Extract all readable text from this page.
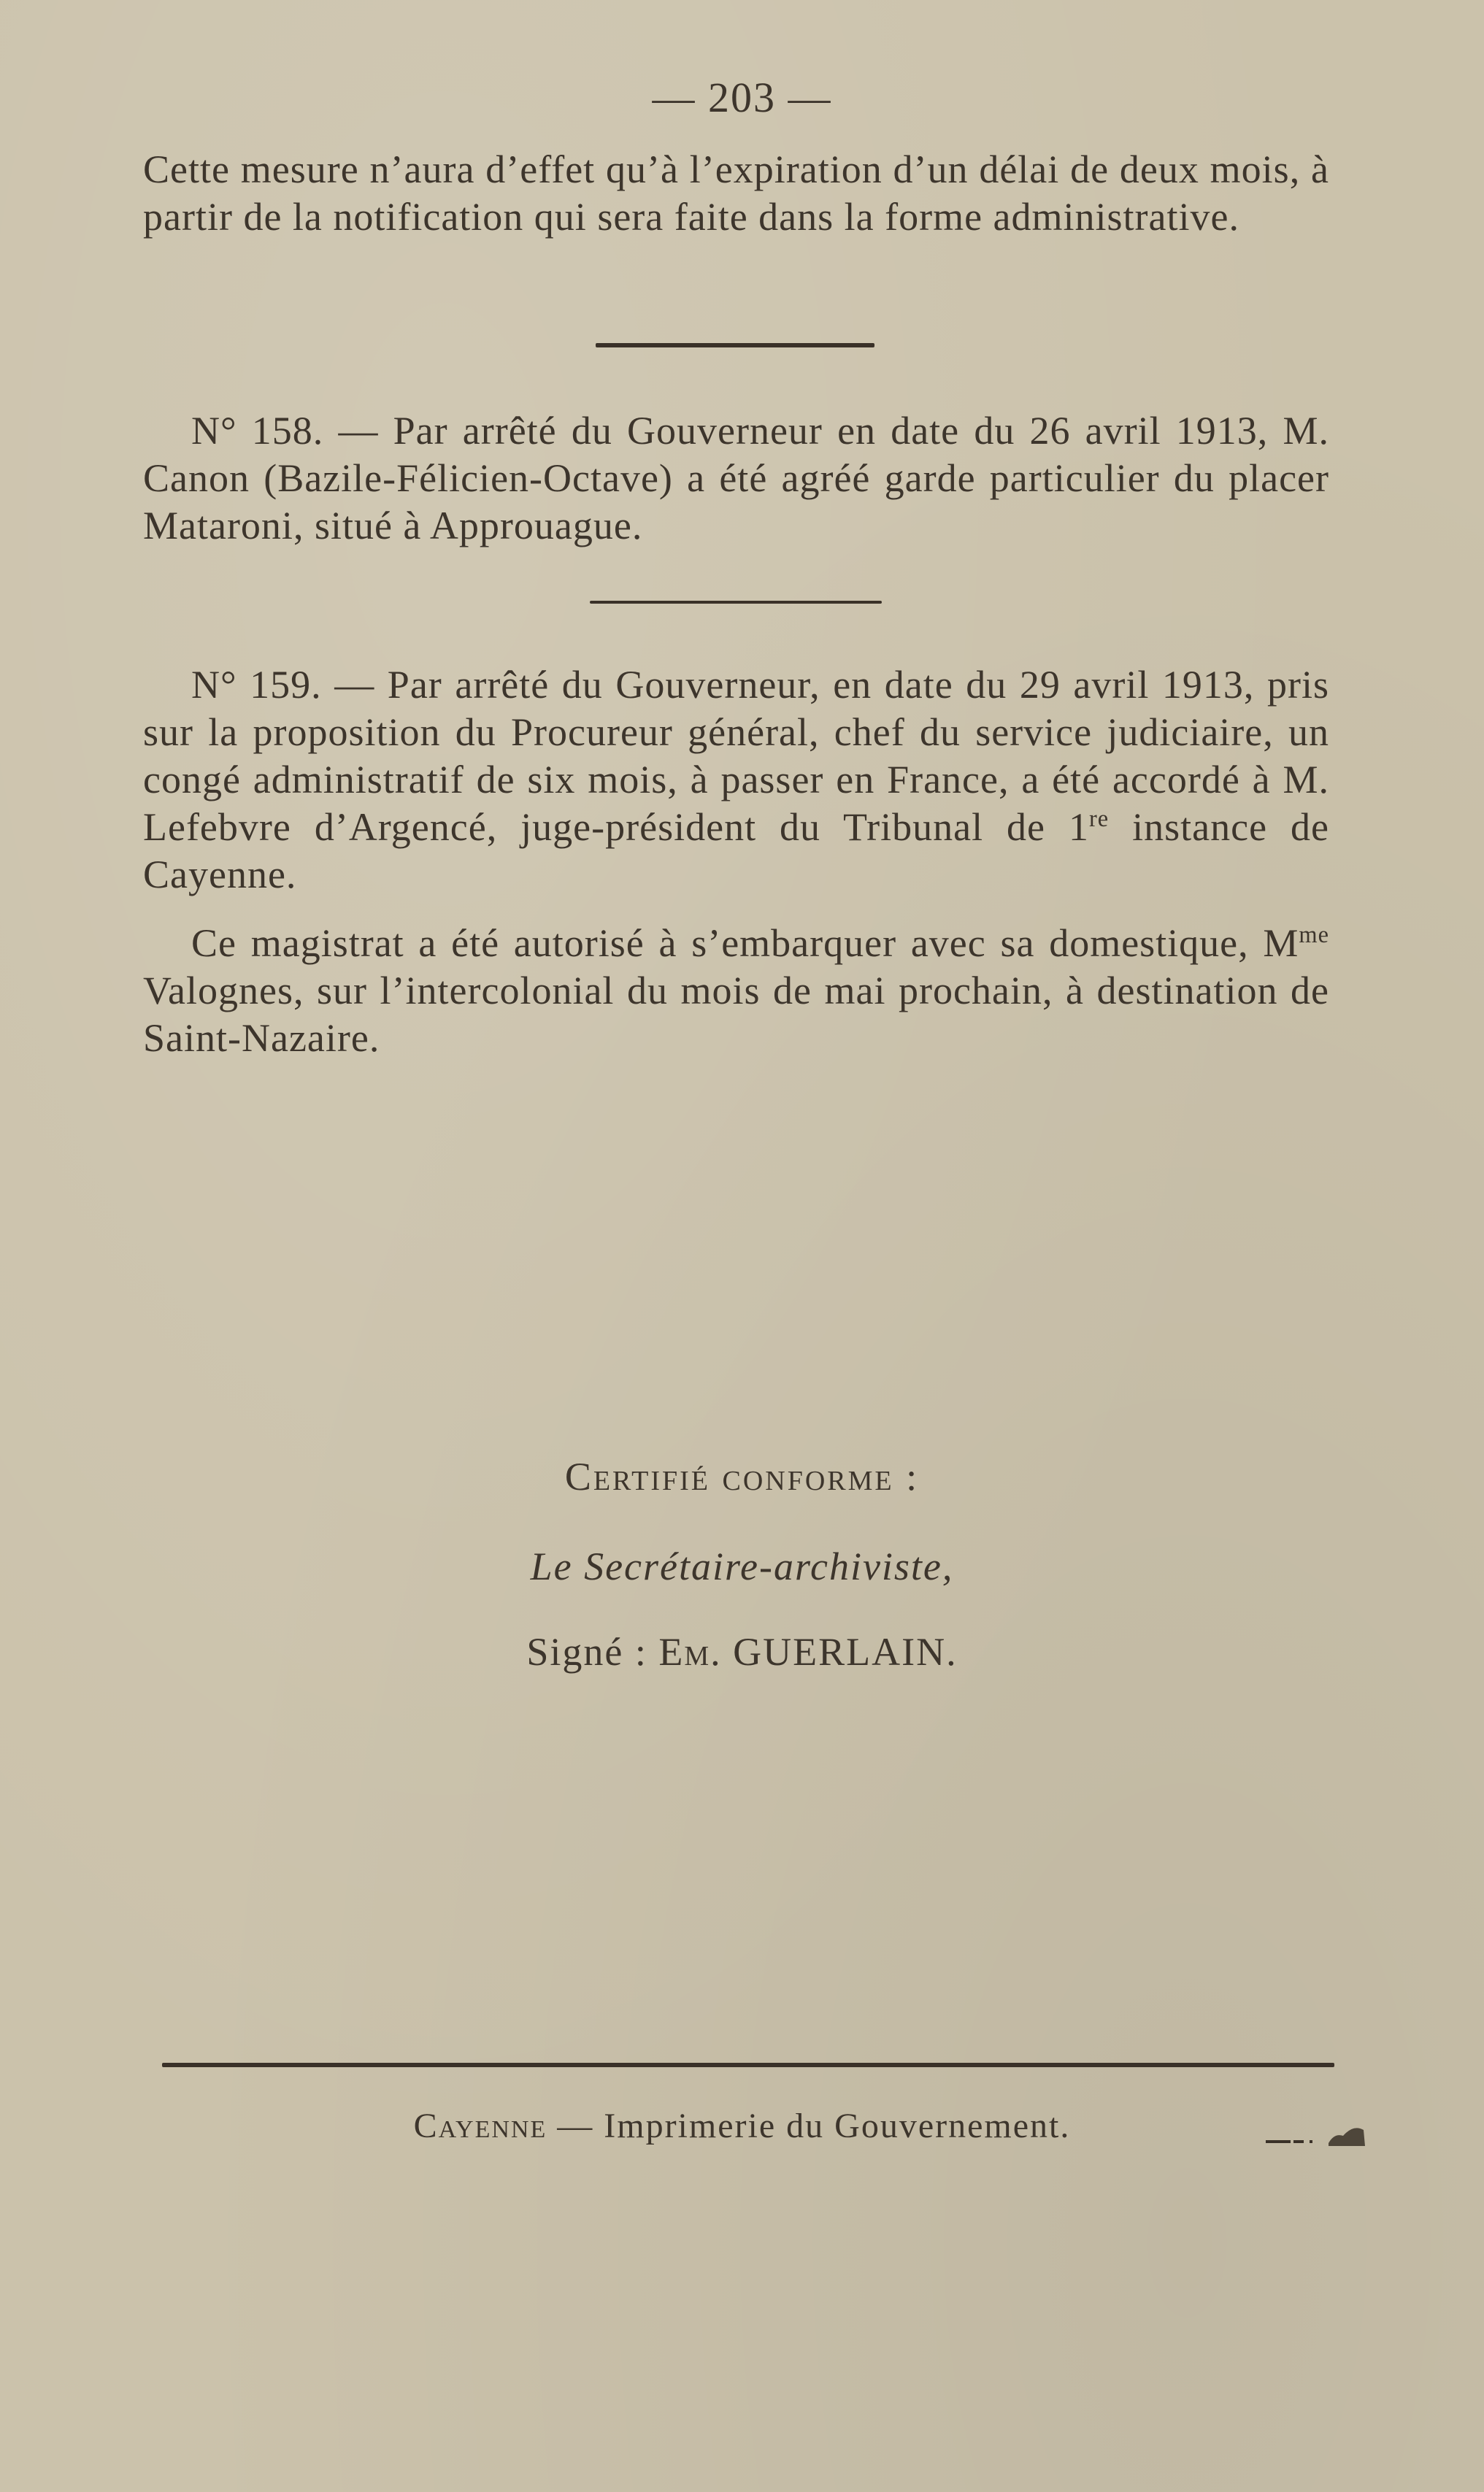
— 203 —

Cette mesure n’aura d’effet qu’à l’expiration d’un délai de deux mois, à partir de la notification qui sera faite dans la forme administrative.

N° 158. — Par arrêté du Gouverneur en date du 26 avril 1913, M. Canon (Bazile-Félicien-Octave) a été agréé garde particulier du placer Mataroni, situé à Approuague.

N° 159. — Par arrêté du Gouverneur, en date du 29 avril 1913, pris sur la proposition du Procureur général, chef du service judiciaire, un congé administratif de six mois, à passer en France, a été accordé à M. Lefebvre d’Argencé, juge-président du Tribunal de 1re instance de Cayenne.

Ce magistrat a été autorisé à s’embarquer avec sa domestique, $M^{me}$ Valognes, sur l’intercolonial du mois de mai prochain, à destination de Saint-Nazaire.

Certifié conforme :
Le Secrétaire-archiviste,
Signé : Em. GUERLAIN.
Cayenne — Imprimerie du Gouvernement.
